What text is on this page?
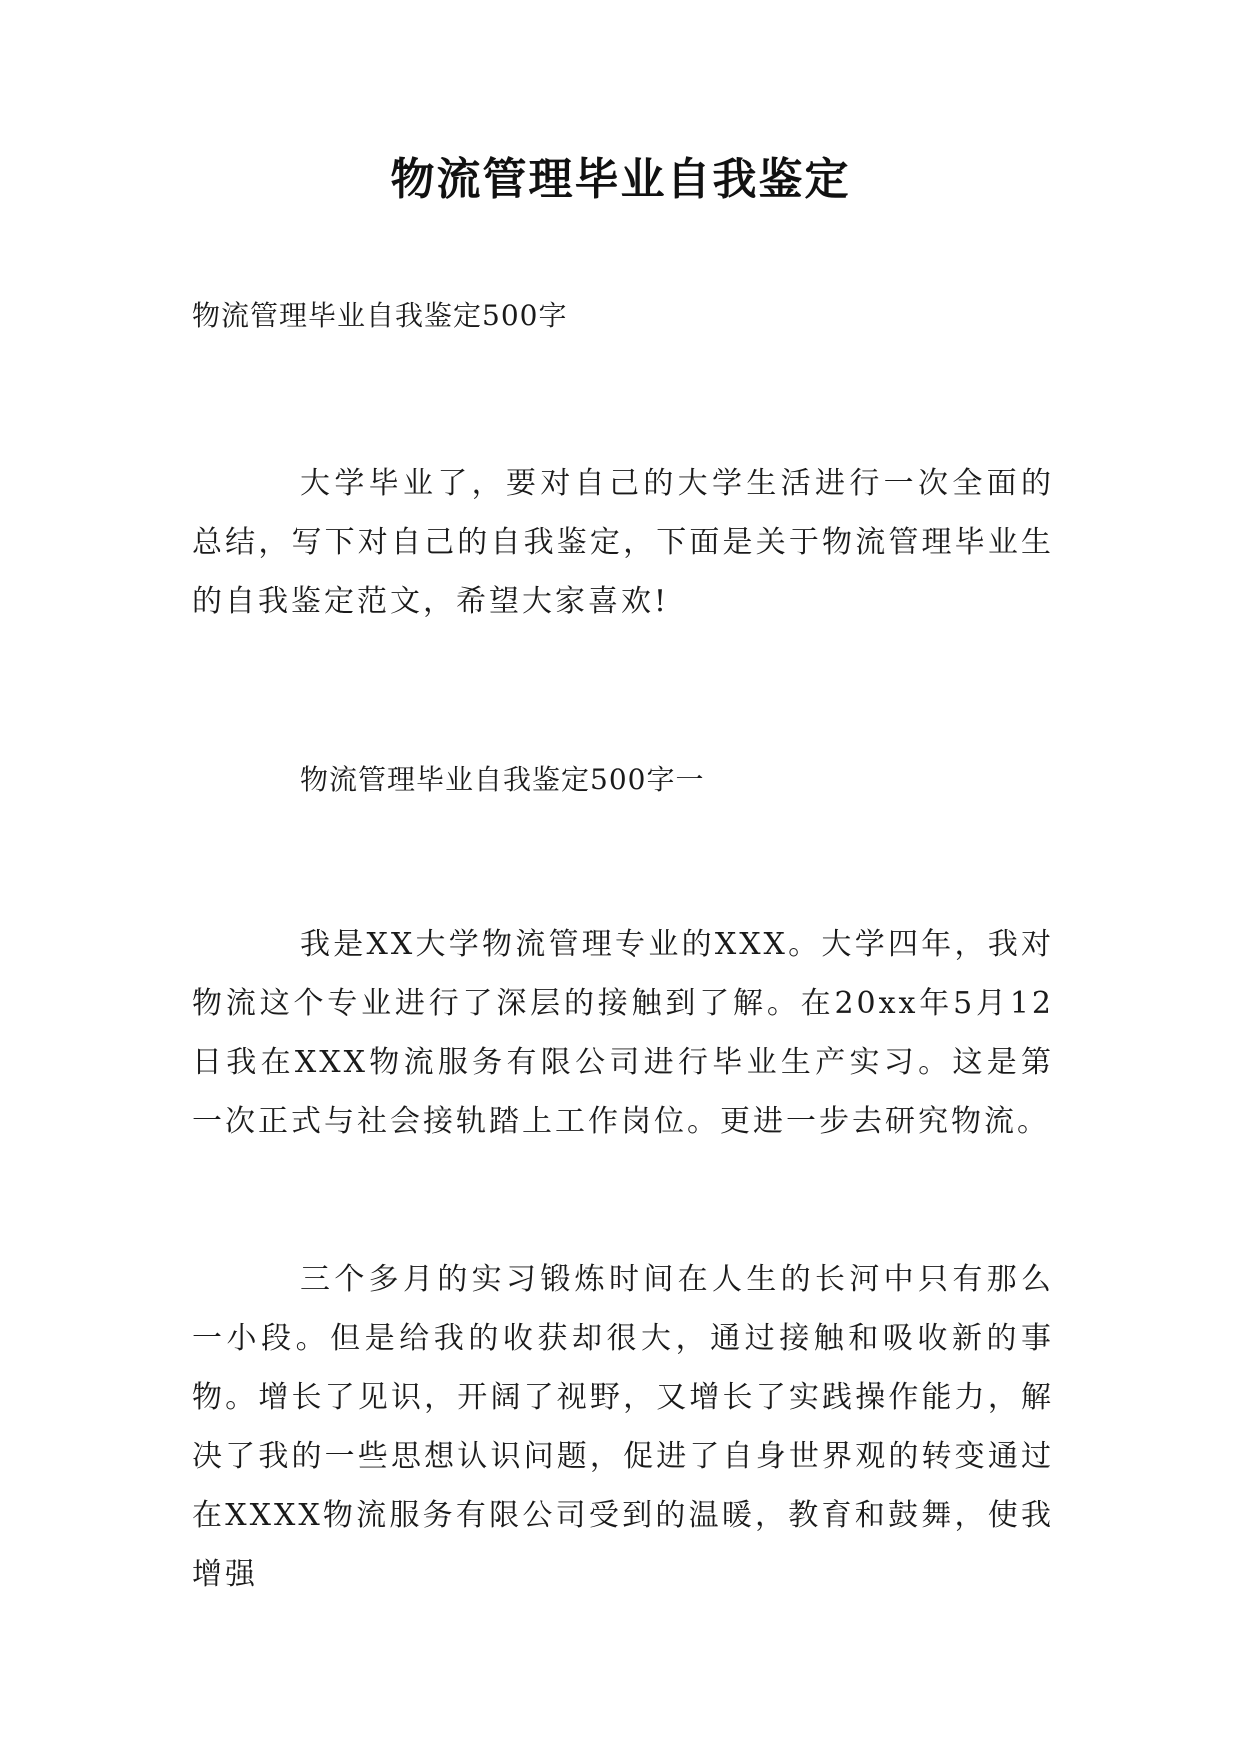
物流管理毕业自我鉴定
物流管理毕业自我鉴定500字

大学毕业了，要对自己的大学生活进行一次全面的总结，写下对自己的自我鉴定，下面是关于物流管理毕业生的自我鉴定范文，希望大家喜欢!

物流管理毕业自我鉴定500字一

我是XX大学物流管理专业的XXX。大学四年，我对物流这个专业进行了深层的接触到了解。在20xx年5月12日我在XXX物流服务有限公司进行毕业生产实习。这是第一次正式与社会接轨踏上工作岗位。更进一步去研究物流。

三个多月的实习锻炼时间在人生的长河中只有那么一小段。但是给我的收获却很大，通过接触和吸收新的事物。增长了见识，开阔了视野，又增长了实践操作能力，解决了我的一些思想认识问题，促进了自身世界观的转变通过在XXXX物流服务有限公司受到的温暖，教育和鼓舞，使我增强
